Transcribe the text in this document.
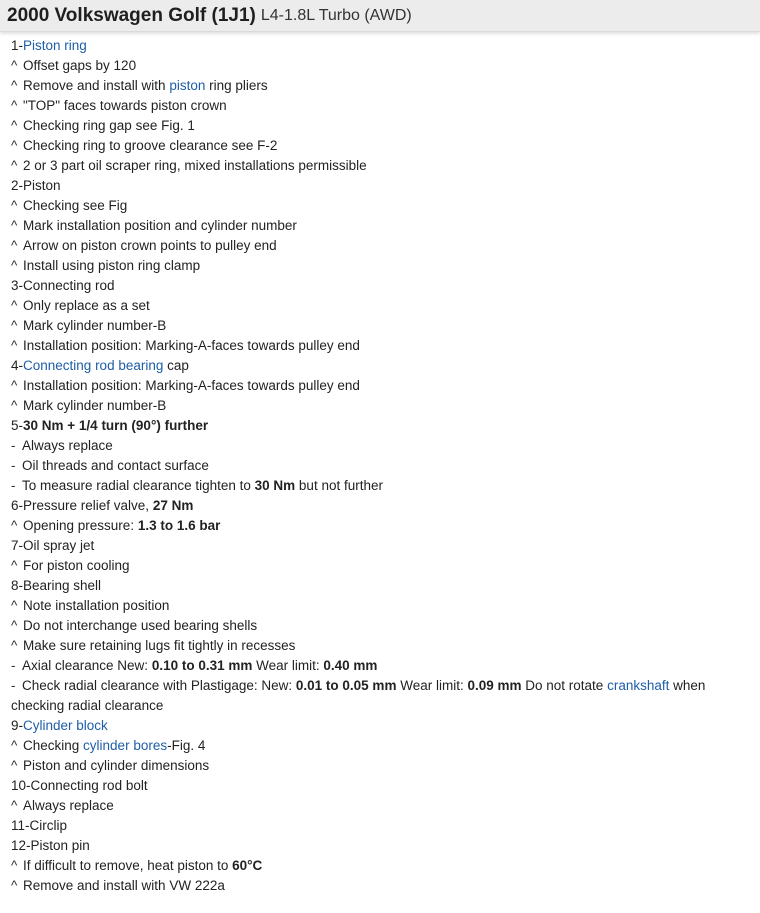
2000 Volkswagen Golf (1J1) L4-1.8L Turbo (AWD)
1-Piston ring
^ Offset gaps by 120
^ Remove and install with piston ring pliers
^ "TOP" faces towards piston crown
^ Checking ring gap see Fig. 1
^ Checking ring to groove clearance see F-2
^ 2 or 3 part oil scraper ring, mixed installations permissible
2-Piston
^ Checking see Fig
^ Mark installation position and cylinder number
^ Arrow on piston crown points to pulley end
^ Install using piston ring clamp
3-Connecting rod
^ Only replace as a set
^ Mark cylinder number-B
^ Installation position: Marking-A-faces towards pulley end
4-Connecting rod bearing cap
^ Installation position: Marking-A-faces towards pulley end
^ Mark cylinder number-B
5-30 Nm + 1/4 turn (90°) further
- Always replace
- Oil threads and contact surface
- To measure radial clearance tighten to 30 Nm but not further
6-Pressure relief valve, 27 Nm
^ Opening pressure: 1.3 to 1.6 bar
7-Oil spray jet
^ For piston cooling
8-Bearing shell
^ Note installation position
^ Do not interchange used bearing shells
^ Make sure retaining lugs fit tightly in recesses
- Axial clearance New: 0.10 to 0.31 mm Wear limit: 0.40 mm
- Check radial clearance with Plastigage: New: 0.01 to 0.05 mm Wear limit: 0.09 mm Do not rotate crankshaft when checking radial clearance
9-Cylinder block
^ Checking cylinder bores-Fig. 4
^ Piston and cylinder dimensions
10-Connecting rod bolt
^ Always replace
11-Circlip
12-Piston pin
^ If difficult to remove, heat piston to 60°C
^ Remove and install with VW 222a
